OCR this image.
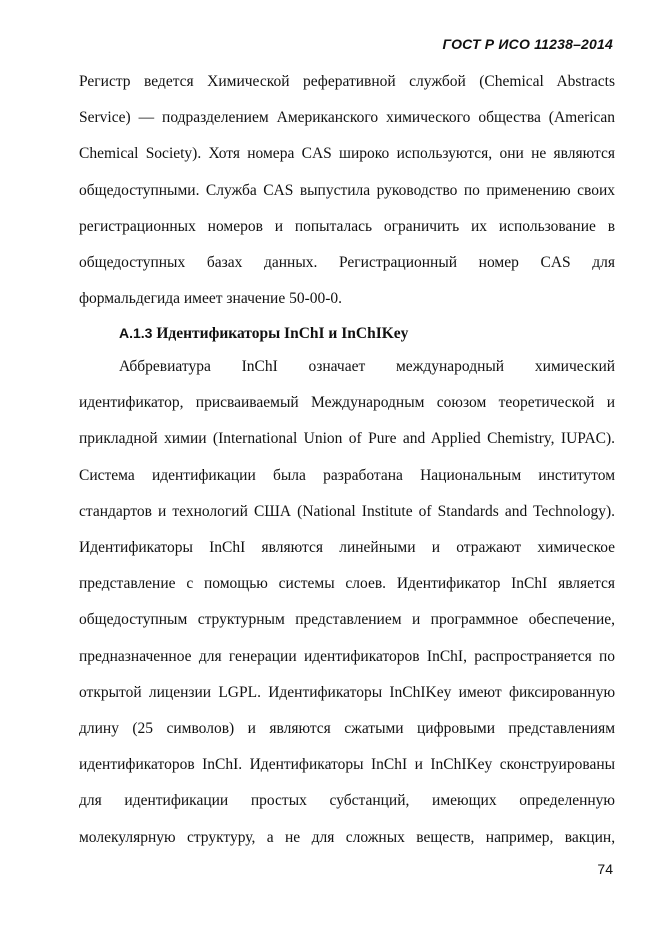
ГОСТ Р ИСО 11238–2014
Регистр ведется Химической реферативной службой (Chemical Abstracts
Service) — подразделением Американского химического общества (American
Chemical Society). Хотя номера CAS широко используются, они не являются
общедоступными. Служба CAS выпустила руководство по применению своих
регистрационных номеров и попыталась ограничить их использование в
общедоступных базах данных. Регистрационный номер CAS для
формальдегида имеет значение 50-00-0.
А.1.3 Идентификаторы InChI и InChIKey
Аббревиатура InChI означает международный химический
идентификатор, присваиваемый Международным союзом теоретической и
прикладной химии (International Union of Pure and Applied Chemistry, IUPAC).
Система идентификации была разработана Национальным институтом
стандартов и технологий США (National Institute of Standards and Technology).
Идентификаторы InChI являются линейными и отражают химическое
представление с помощью системы слоев. Идентификатор InChI является
общедоступным структурным представлением и программное обеспечение,
предназначенное для генерации идентификаторов InChI, распространяется по
открытой лицензии LGPL. Идентификаторы InChIKey имеют фиксированную
длину (25 символов) и являются сжатыми цифровыми представлениям
идентификаторов InChI. Идентификаторы InChI и InChIKey сконструированы
для идентификации простых субстанций, имеющих определенную
молекулярную структуру, а не для сложных веществ, например, вакцин,
74
